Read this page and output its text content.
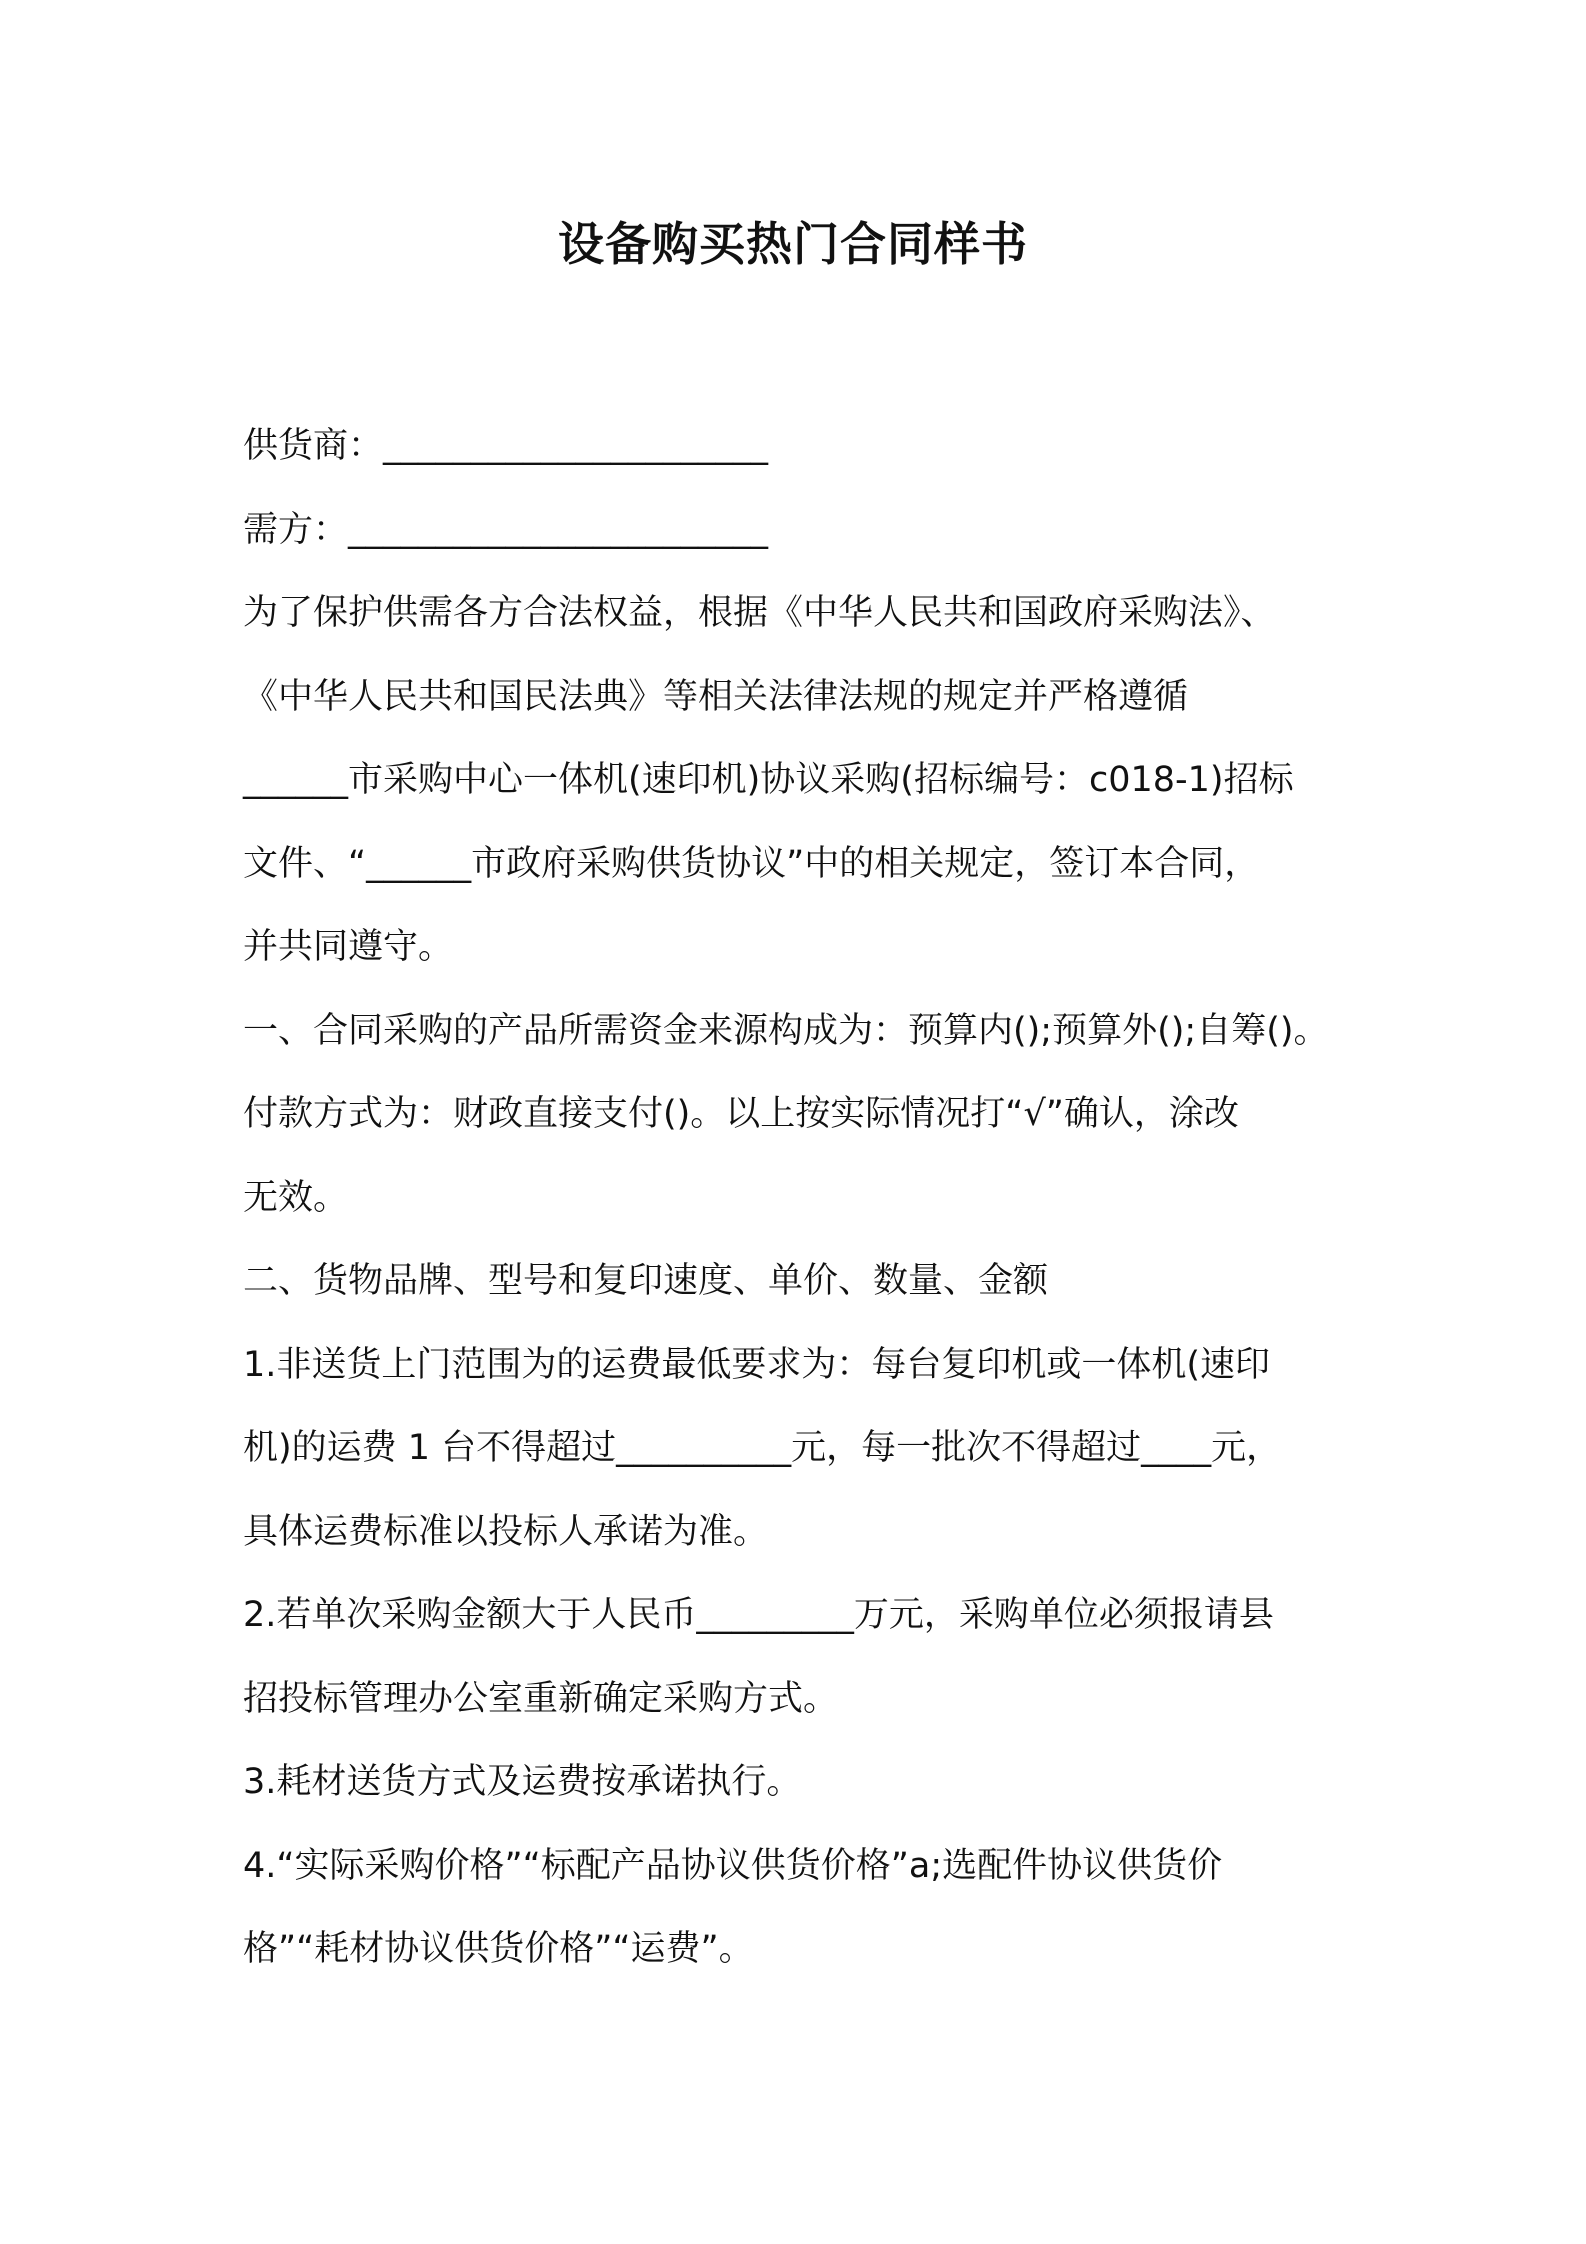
设备购买热门合同样书
供货商：______________________
需方：________________________
为了保护供需各方合法权益，根据《中华人民共和国政府采购法》、
《中华人民共和国民法典》等相关法律法规的规定并严格遵循
______市采购中心一体机(速印机)协议采购(招标编号：c018-1)招标
文件、“______市政府采购供货协议”中的相关规定，签订本合同，
并共同遵守。
一、合同采购的产品所需资金来源构成为：预算内();预算外();自筹()。
付款方式为：财政直接支付()。以上按实际情况打“√”确认，涂改
无效。
二、货物品牌、型号和复印速度、单价、数量、金额
1.非送货上门范围为的运费最低要求为：每台复印机或一体机(速印
机)的运费 1 台不得超过__________元，每一批次不得超过____元，
具体运费标准以投标人承诺为准。
2.若单次采购金额大于人民币_________万元，采购单位必须报请县
招投标管理办公室重新确定采购方式。
3.耗材送货方式及运费按承诺执行。
4.“实际采购价格”“标配产品协议供货价格”a;选配件协议供货价
格”“耗材协议供货价格”“运费”。
